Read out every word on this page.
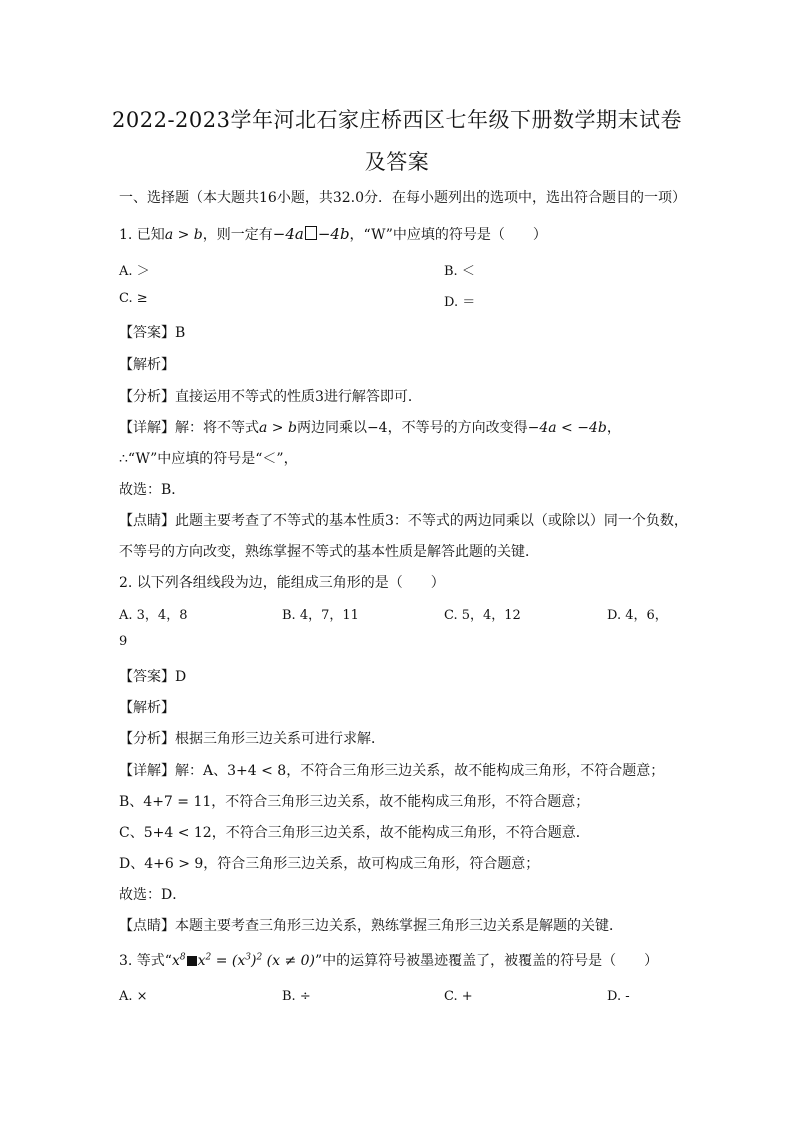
2022-2023学年河北石家庄桥西区七年级下册数学期末试卷
及答案
一、选择题（本大题共16小题，共32.0分．在每小题列出的选项中，选出符合题目的一项）
1. 已知a > b，则一定有−4a −4b，“W”中应填的符号是（　　）
A. ＞	B. ＜
C. ≥	D. ＝
【答案】B
【解析】
【分析】直接运用不等式的性质3进行解答即可．
【详解】解：将不等式a > b两边同乘以−4，不等号的方向改变得−4a < −4b，
∴“W”中应填的符号是“＜”，
故选：B．
【点睛】此题主要考查了不等式的基本性质3：不等式的两边同乘以（或除以）同一个负数，
不等号的方向改变，熟练掌握不等式的基本性质是解答此题的关键．
2. 以下列各组线段为边，能组成三角形的是（　　）
A. 3，4，8	B. 4，7，11	C. 5，4，12	D. 4，6，
9
【答案】D
【解析】
【分析】根据三角形三边关系可进行求解．
【详解】解：A、3+4 < 8，不符合三角形三边关系，故不能构成三角形，不符合题意；
B、4+7 = 11，不符合三角形三边关系，故不能构成三角形，不符合题意；
C、5+4 < 12，不符合三角形三边关系，故不能构成三角形，不符合题意．
D、4+6 > 9，符合三角形三边关系，故可构成三角形，符合题意；
故选：D．
【点睛】本题主要考查三角形三边关系，熟练掌握三角形三边关系是解题的关键．
3. 等式“$x^8$ $x^2 = (x^3)^2$ (x ≠ 0)”中的运算符号被墨迹覆盖了，被覆盖的符号是（　　）
A. ×	B. ÷	C. +	D. -
